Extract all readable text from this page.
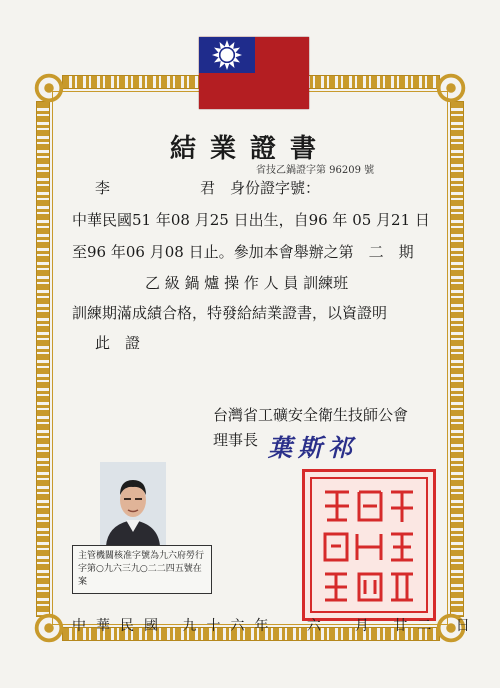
結業證書
省技乙鍋證字第 96209 號
李	君 身份證字號：
中華民國51 年08 月25 日出生，自96 年 05 月21 日
至96 年06 月08 日止。參加本會舉辦之第　二　期
乙 級 鍋 爐 操 作 人 員 訓練班
訓練期滿成績合格，特發給結業證書，以資證明
此　證
台灣省工礦安全衛生技師公會
理事長 葉斯祁
主管機關核准字號為九六府勞行字第○九六三九○二二四五號在案
中華民國 九十六年 六　月 廿二 日
